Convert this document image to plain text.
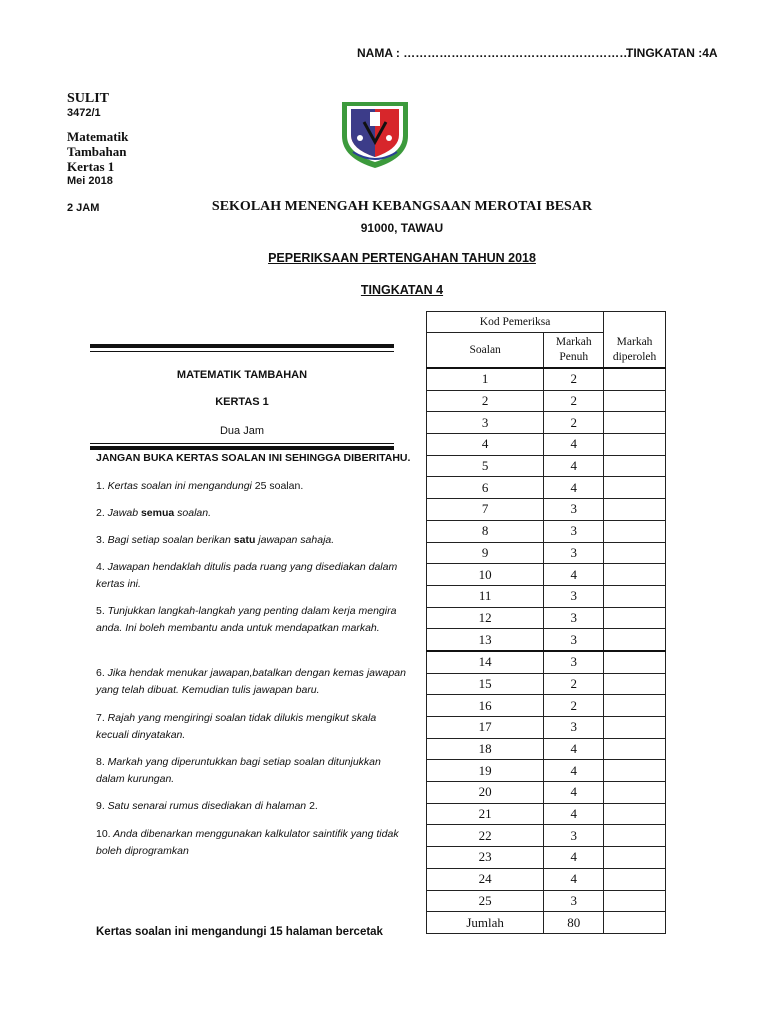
NAMA : …………………………………………………
TINGKATAN :4A
SULIT
3472/1
Matematik
Tambahan
Kertas 1
Mei 2018
2 JAM	SEKOLAH MENENGAH KEBANGSAAN MEROTAI BESAR
91000, TAWAU
PEPERIKSAAN PERTENGAHAN TAHUN 2018
TINGKATAN 4
MATEMATIK TAMBAHAN
KERTAS 1
Dua Jam
JANGAN BUKA KERTAS SOALAN INI SEHINGGA DIBERITAHU.
1. Kertas soalan ini mengandungi 25 soalan.
2. Jawab semua soalan.
3. Bagi setiap soalan berikan satu jawapan sahaja.
4. Jawapan hendaklah ditulis pada ruang yang disediakan dalam kertas ini.
5. Tunjukkan langkah-langkah yang penting dalam kerja mengira anda. Ini boleh membantu anda untuk mendapatkan markah.
6. Jika hendak menukar jawapan,batalkan dengan kemas jawapan yang telah dibuat. Kemudian tulis jawapan baru.
7. Rajah yang mengiringi soalan tidak dilukis mengikut skala kecuali dinyatakan.
8. Markah yang diperuntukkan bagi setiap soalan ditunjukkan dalam kurungan.
9. Satu senarai rumus disediakan di halaman 2.
10. Anda dibenarkan menggunakan kalkulator saintifik yang tidak boleh diprogramkan
Kertas soalan ini mengandungi 15 halaman bercetak
Kod Pemeriksa		
Soalan	Markah Penuh	Markah diperoleh
1	2	
2	2	
3	2	
4	4	
5	4	
6	4	
7	3	
8	3	
9	3	
10	4	
11	3	
12	3	
13	3	
14	3	
15	2	
16	2	
17	3	
18	4	
19	4	
20	4	
21	4	
22	3	
23	4	
24	4	
25	3	
Jumlah	80	
